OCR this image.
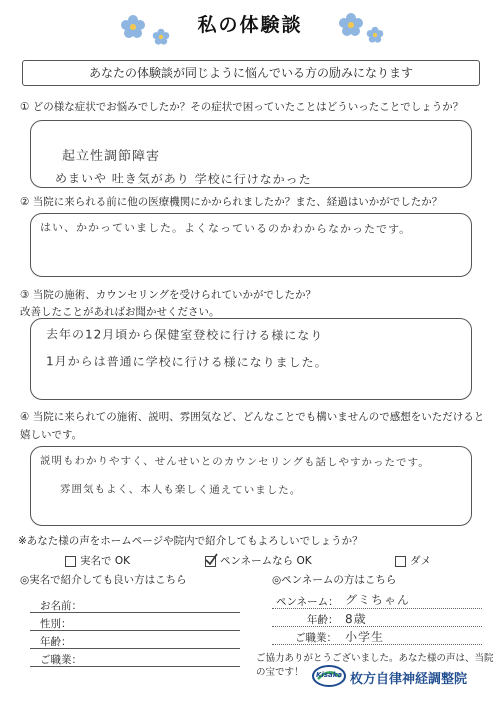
私の体験談
あなたの体験談が同じように悩んでいる方の励みになります
① どの様な症状でお悩みでしたか？その症状で困っていたことはどういったことでしょうか？
起立性調節障害
めまいや 吐き気があり 学校に行けなかった
② 当院に来られる前に他の医療機関にかかられましたか？また、経過はいかがでしたか？
はい、かかっていました。よくなっているのかわからなかったです。
③ 当院の施術、カウンセリングを受けられていかがでしたか？
改善したことがあればお聞かせください。
去年の12月頃から保健室登校に行ける様になり
1月からは普通に学校に行ける様になりました。
④ 当院に来られての施術、説明、雰囲気など、どんなことでも構いませんので感想をいただけると
嬉しいです。
説明もわかりやすく、せんせいとのカウンセリングも話しやすかったです。
雰囲気もよく、本人も楽しく通えていました。
※あなた様の声をホームページや院内で紹介してもよろしいでしょうか？
実名で OK	ペンネームなら OK	ダメ
◎実名で紹介しても良い方はこちら
お名前：
性別：
年齢：
ご職業：
◎ペンネームの方はこちら
ペンネーム： グミちゃん
年齢： 8歳
ご職業： 小学生
ご協力ありがとうございました。あなた様の声は、当院の宝です！	Kisaka 枚方自律神経調整院
